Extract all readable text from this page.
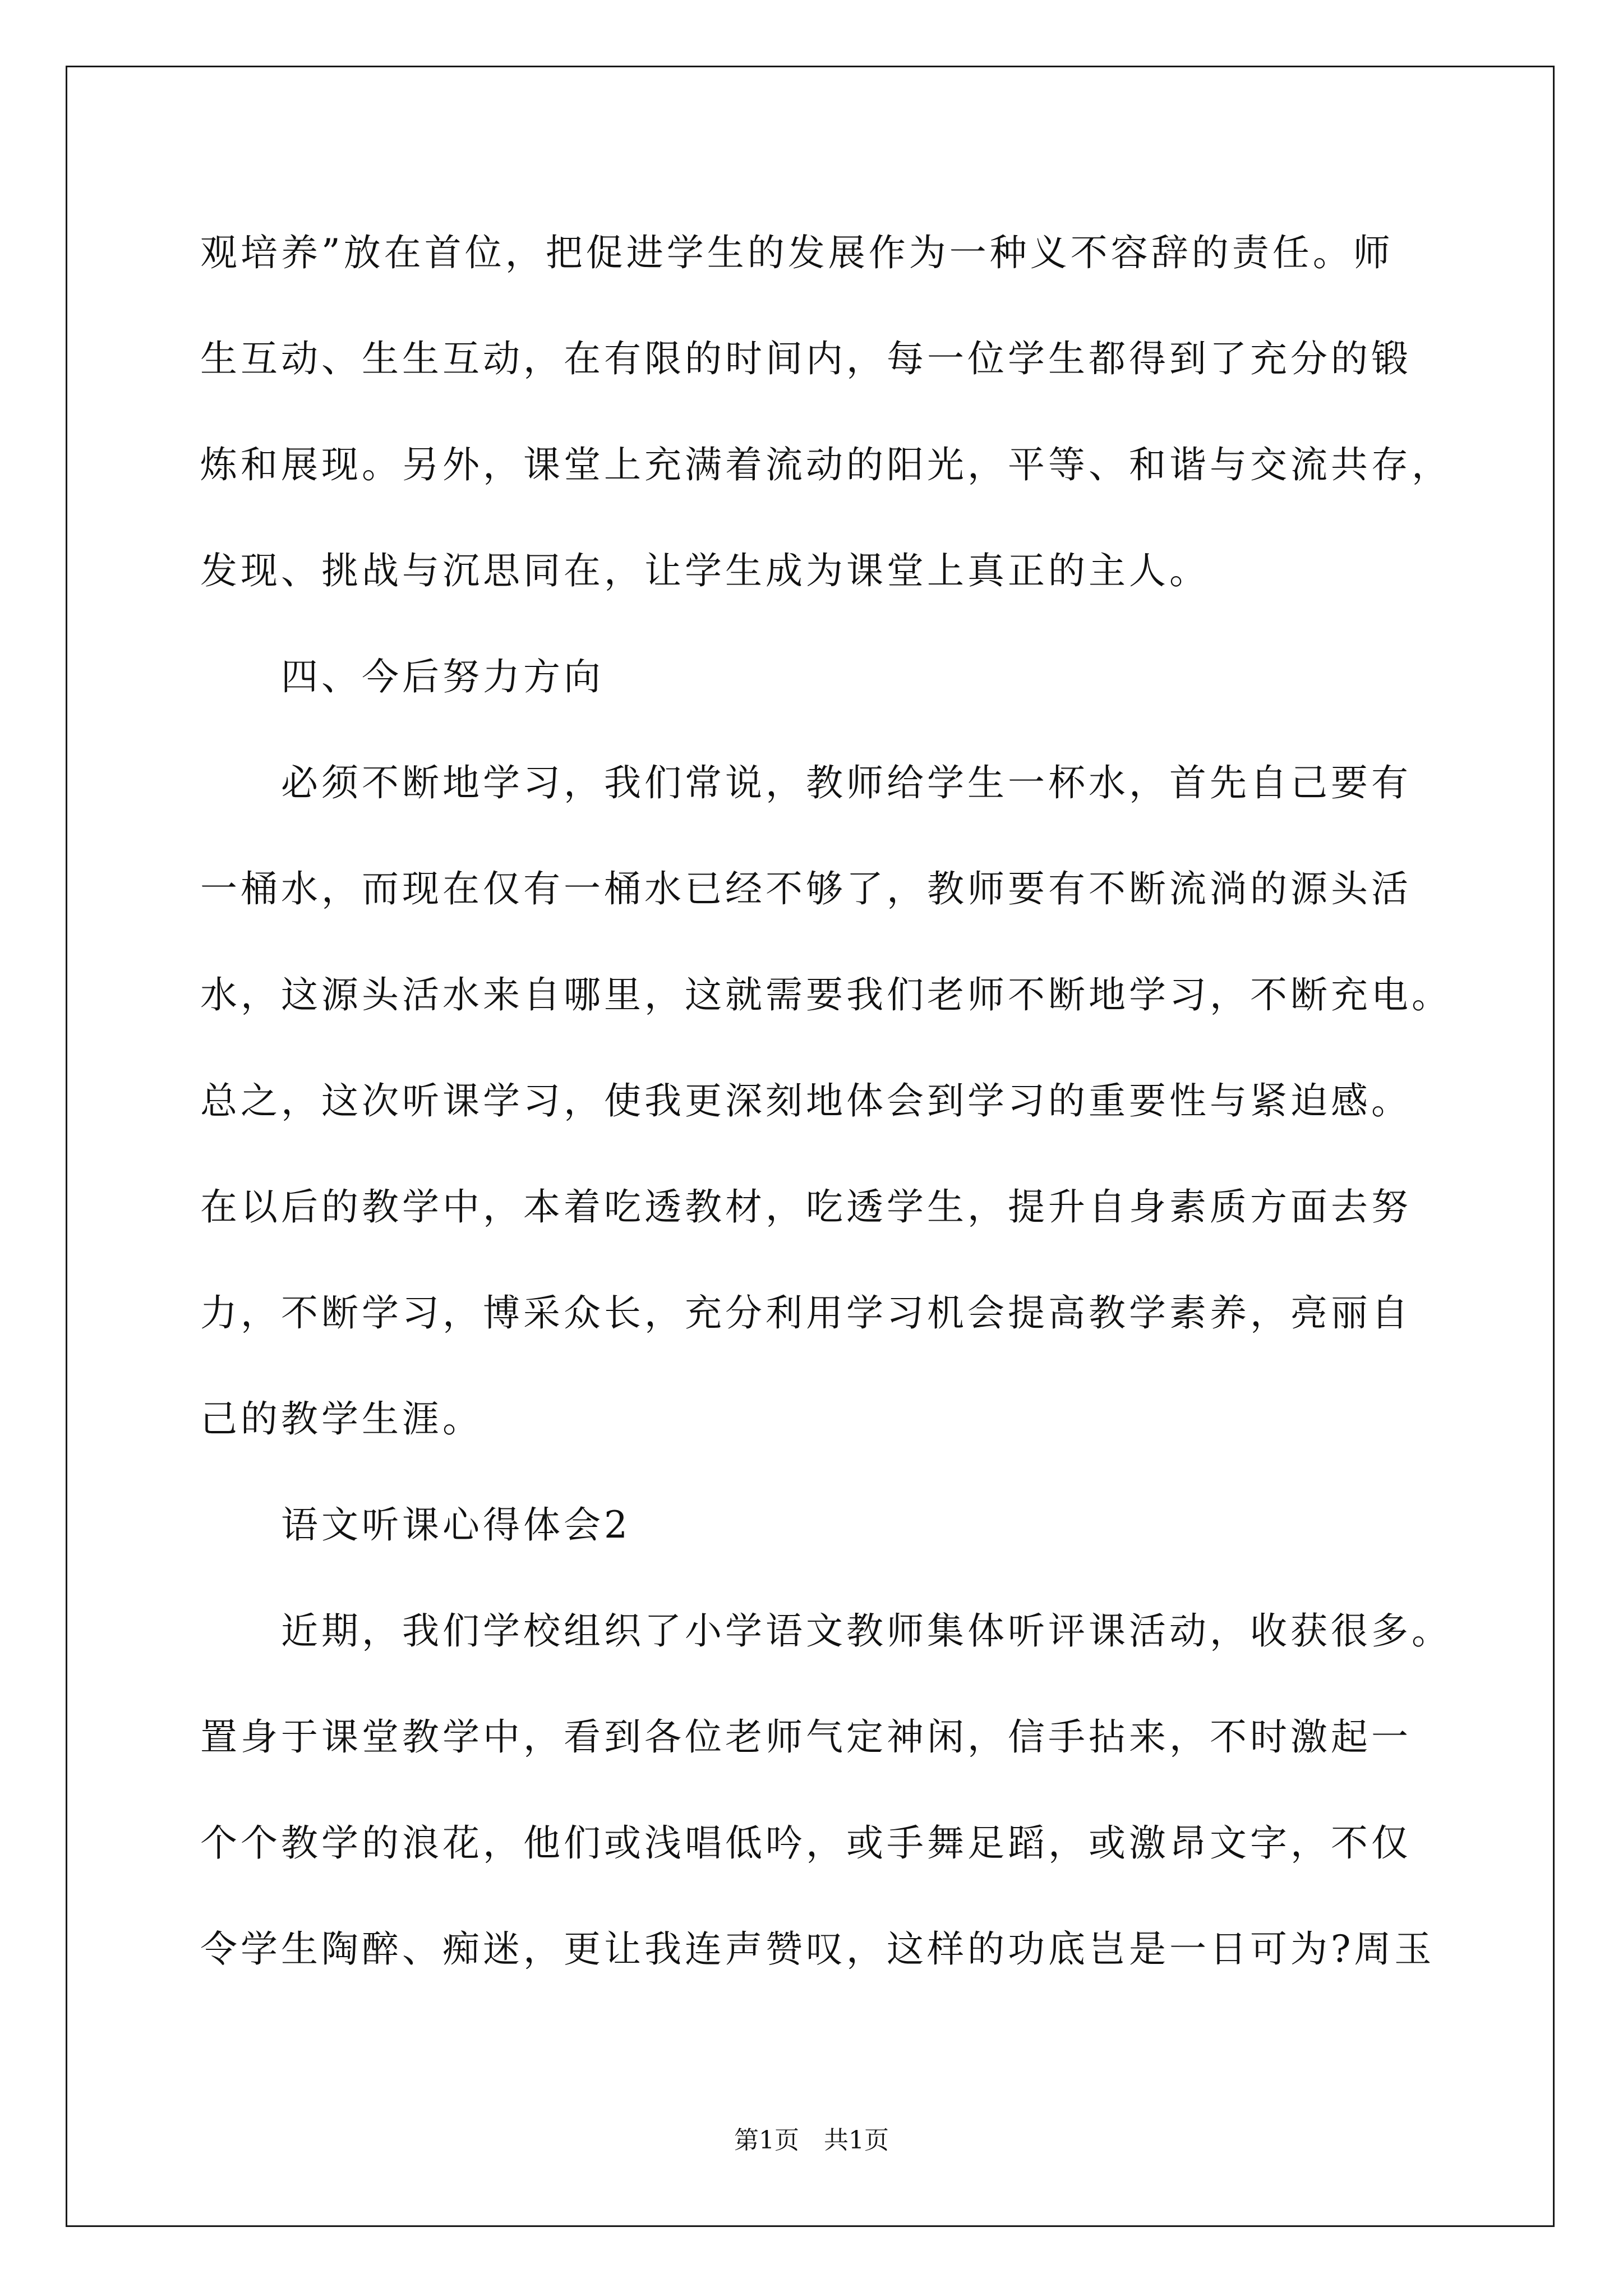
观培养”放在首位，把促进学生的发展作为一种义不容辞的责任。师
生互动、生生互动，在有限的时间内，每一位学生都得到了充分的锻
炼和展现。另外，课堂上充满着流动的阳光，平等、和谐与交流共存，
发现、挑战与沉思同在，让学生成为课堂上真正的主人。
四、今后努力方向
必须不断地学习，我们常说，教师给学生一杯水，首先自己要有
一桶水，而现在仅有一桶水已经不够了，教师要有不断流淌的源头活
水，这源头活水来自哪里，这就需要我们老师不断地学习，不断充电。
总之，这次听课学习，使我更深刻地体会到学习的重要性与紧迫感。
在以后的教学中，本着吃透教材，吃透学生，提升自身素质方面去努
力，不断学习，博采众长，充分利用学习机会提高教学素养，亮丽自
己的教学生涯。
语文听课心得体会2
近期，我们学校组织了小学语文教师集体听评课活动，收获很多。
置身于课堂教学中，看到各位老师气定神闲，信手拈来，不时激起一
个个教学的浪花，他们或浅唱低吟，或手舞足蹈，或激昂文字，不仅
令学生陶醉、痴迷，更让我连声赞叹，这样的功底岂是一日可为?周玉
第1页　共1页
